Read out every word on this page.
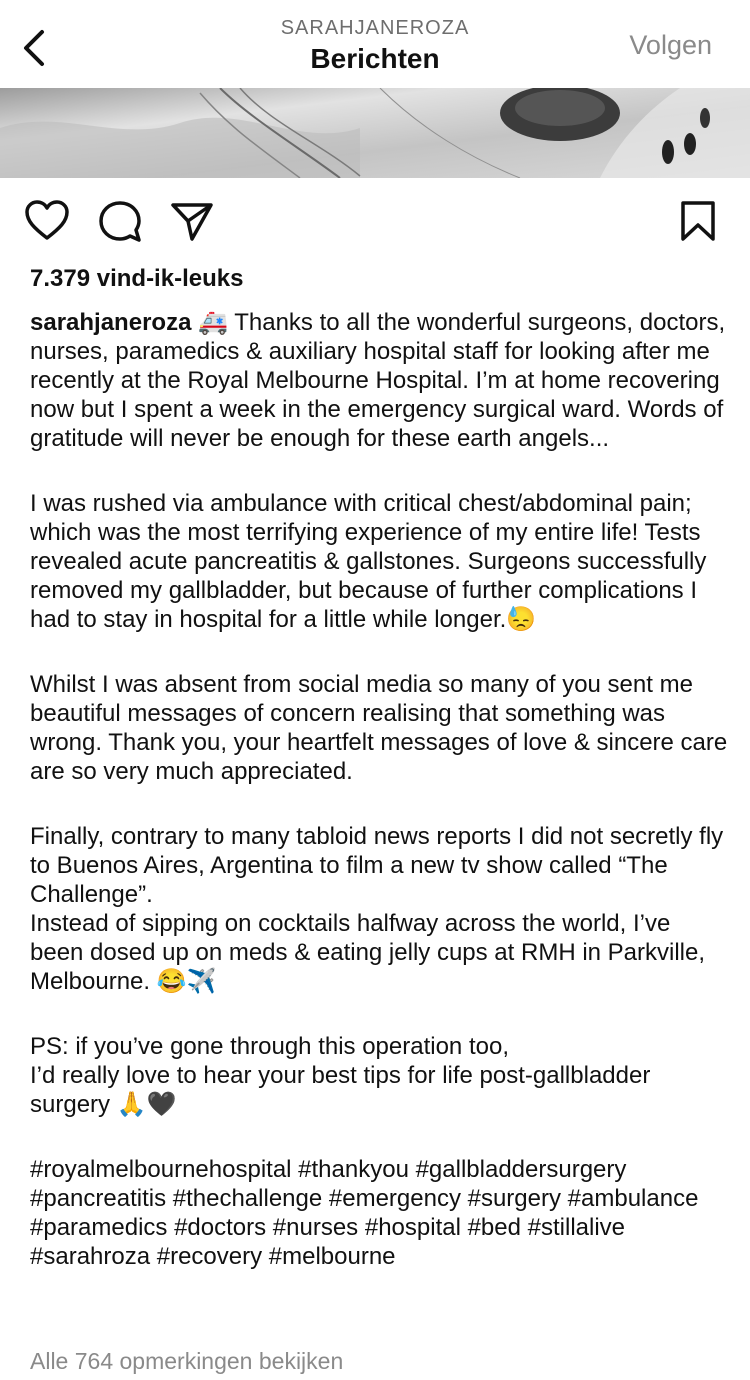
SARAHJANEROZA
Berichten	Volgen
7.379 vind-ik-leuks

sarahjaneroza 🚑 Thanks to all the wonderful surgeons, doctors, nurses, paramedics & auxiliary hospital staff for looking after me recently at the Royal Melbourne Hospital. I’m at home recovering now but I spent a week in the emergency surgical ward. Words of gratitude will never be enough for these earth angels...

I was rushed via ambulance with critical chest/abdominal pain; which was the most terrifying experience of my entire life! Tests revealed acute pancreatitis & gallstones. Surgeons successfully removed my gallbladder, but because of further complications I had to stay in hospital for a little while longer.😓

Whilst I was absent from social media so many of you sent me beautiful messages of concern realising that something was wrong. Thank you, your heartfelt messages of love & sincere care are so very much appreciated.

Finally, contrary to many tabloid news reports I did not secretly fly to Buenos Aires, Argentina to film a new tv show called “The Challenge”.
Instead of sipping on cocktails halfway across the world, I’ve been dosed up on meds & eating jelly cups at RMH in Parkville, Melbourne. 😂✈️

PS: if you’ve gone through this operation too,
I’d really love to hear your best tips for life post-gallbladder surgery 🙏🖤

#royalmelbournehospital #thankyou #gallbladdersurgery #pancreatitis #thechallenge #emergency #surgery #ambulance #paramedics #doctors #nurses #hospital #bed #stillalive #sarahroza #recovery #melbourne

Alle 764 opmerkingen bekijken
